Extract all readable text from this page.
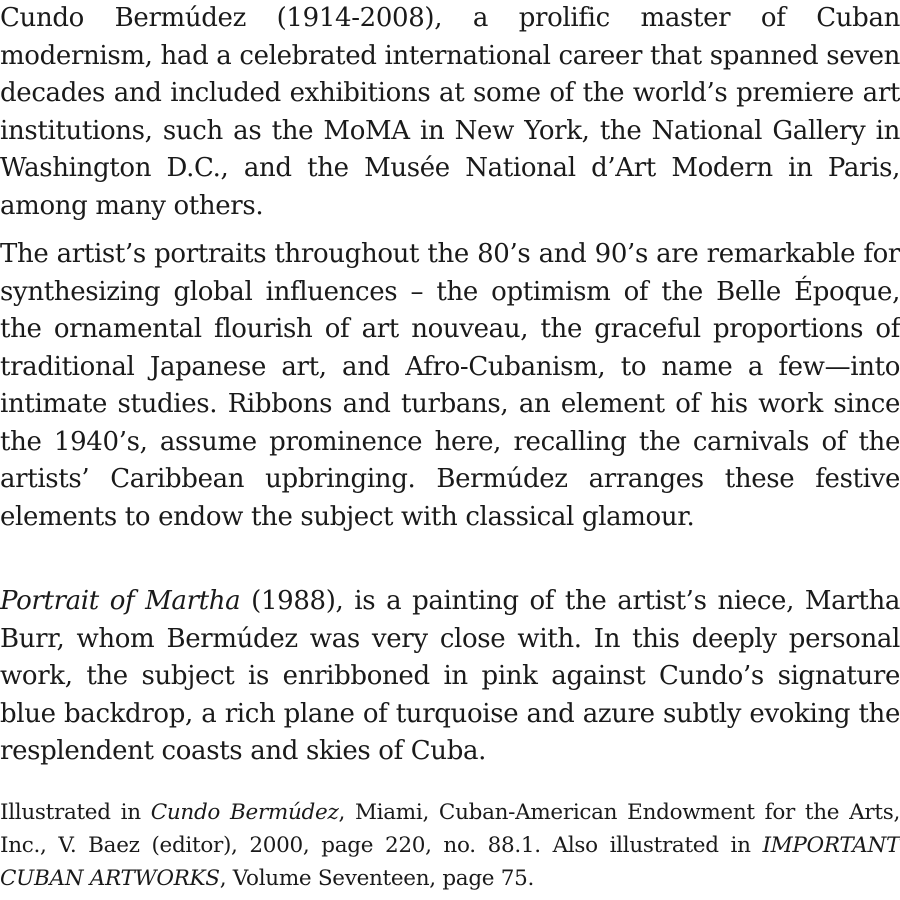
Cundo Bermúdez (1914-2008), a prolific master of Cuban modernism, had a celebrated international career that spanned seven decades and included exhibitions at some of the world’s premiere art institutions, such as the MoMA in New York, the National Gallery in Washington D.C., and the Musée National d’Art Modern in Paris, among many others.

The artist’s portraits throughout the 80’s and 90’s are remarkable for synthesizing global influences – the optimism of the Belle Époque, the ornamental flourish of art nouveau, the graceful proportions of traditional Japanese art, and Afro-Cubanism, to name a few—into intimate studies. Ribbons and turbans, an element of his work since the 1940’s, assume prominence here, recalling the carnivals of the artists’ Caribbean upbringing. Bermúdez arranges these festive elements to endow the subject with classical glamour.

Portrait of Martha (1988), is a painting of the artist’s niece, Martha Burr, whom Bermúdez was very close with. In this deeply personal work, the subject is enribboned in pink against Cundo’s signature blue backdrop, a rich plane of turquoise and azure subtly evoking the resplendent coasts and skies of Cuba.

Illustrated in Cundo Bermúdez, Miami, Cuban-American Endowment for the Arts, Inc., V. Baez (editor), 2000, page 220, no. 88.1. Also illustrated in IMPORTANT CUBAN ARTWORKS, Volume Seventeen, page 75.
